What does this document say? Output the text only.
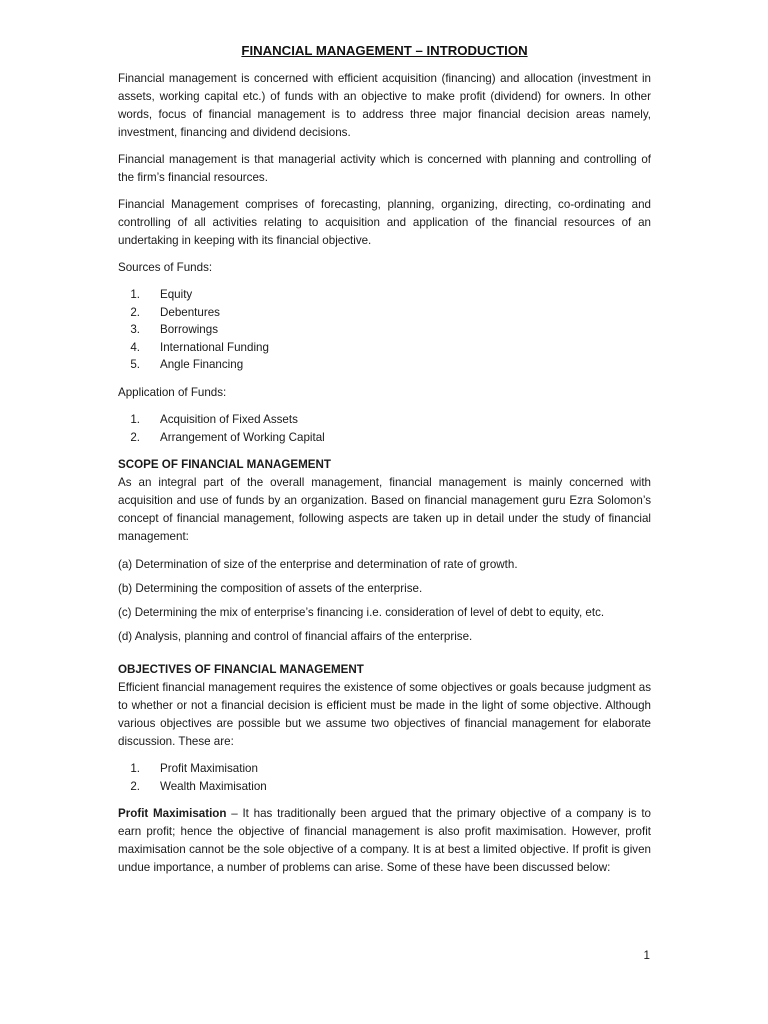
FINANCIAL MANAGEMENT – INTRODUCTION

Financial management is concerned with efficient acquisition (financing) and allocation (investment in assets, working capital etc.) of funds with an objective to make profit (dividend) for owners. In other words, focus of financial management is to address three major financial decision areas namely, investment, financing and dividend decisions.

Financial management is that managerial activity which is concerned with planning and controlling of the firm’s financial resources.

Financial Management comprises of forecasting, planning, organizing, directing, co-ordinating and controlling of all activities relating to acquisition and application of the financial resources of an undertaking in keeping with its financial objective.

Sources of Funds:

1. Equity
2. Debentures
3. Borrowings
4. International Funding
5. Angle Financing

Application of Funds:

1. Acquisition of Fixed Assets
2. Arrangement of Working Capital

SCOPE OF FINANCIAL MANAGEMENT

As an integral part of the overall management, financial management is mainly concerned with acquisition and use of funds by an organization. Based on financial management guru Ezra Solomon’s concept of financial management, following aspects are taken up in detail under the study of financial management:

(a) Determination of size of the enterprise and determination of rate of growth.

(b) Determining the composition of assets of the enterprise.

(c) Determining the mix of enterprise’s financing i.e. consideration of level of debt to equity, etc.

(d) Analysis, planning and control of financial affairs of the enterprise.

OBJECTIVES OF FINANCIAL MANAGEMENT

Efficient financial management requires the existence of some objectives or goals because judgment as to whether or not a financial decision is efficient must be made in the light of some objective. Although various objectives are possible but we assume two objectives of financial management for elaborate discussion. These are:

1. Profit Maximisation
2. Wealth Maximisation

Profit Maximisation – It has traditionally been argued that the primary objective of a company is to earn profit; hence the objective of financial management is also profit maximisation. However, profit maximisation cannot be the sole objective of a company. It is at best a limited objective. If profit is given undue importance, a number of problems can arise. Some of these have been discussed below:

1
